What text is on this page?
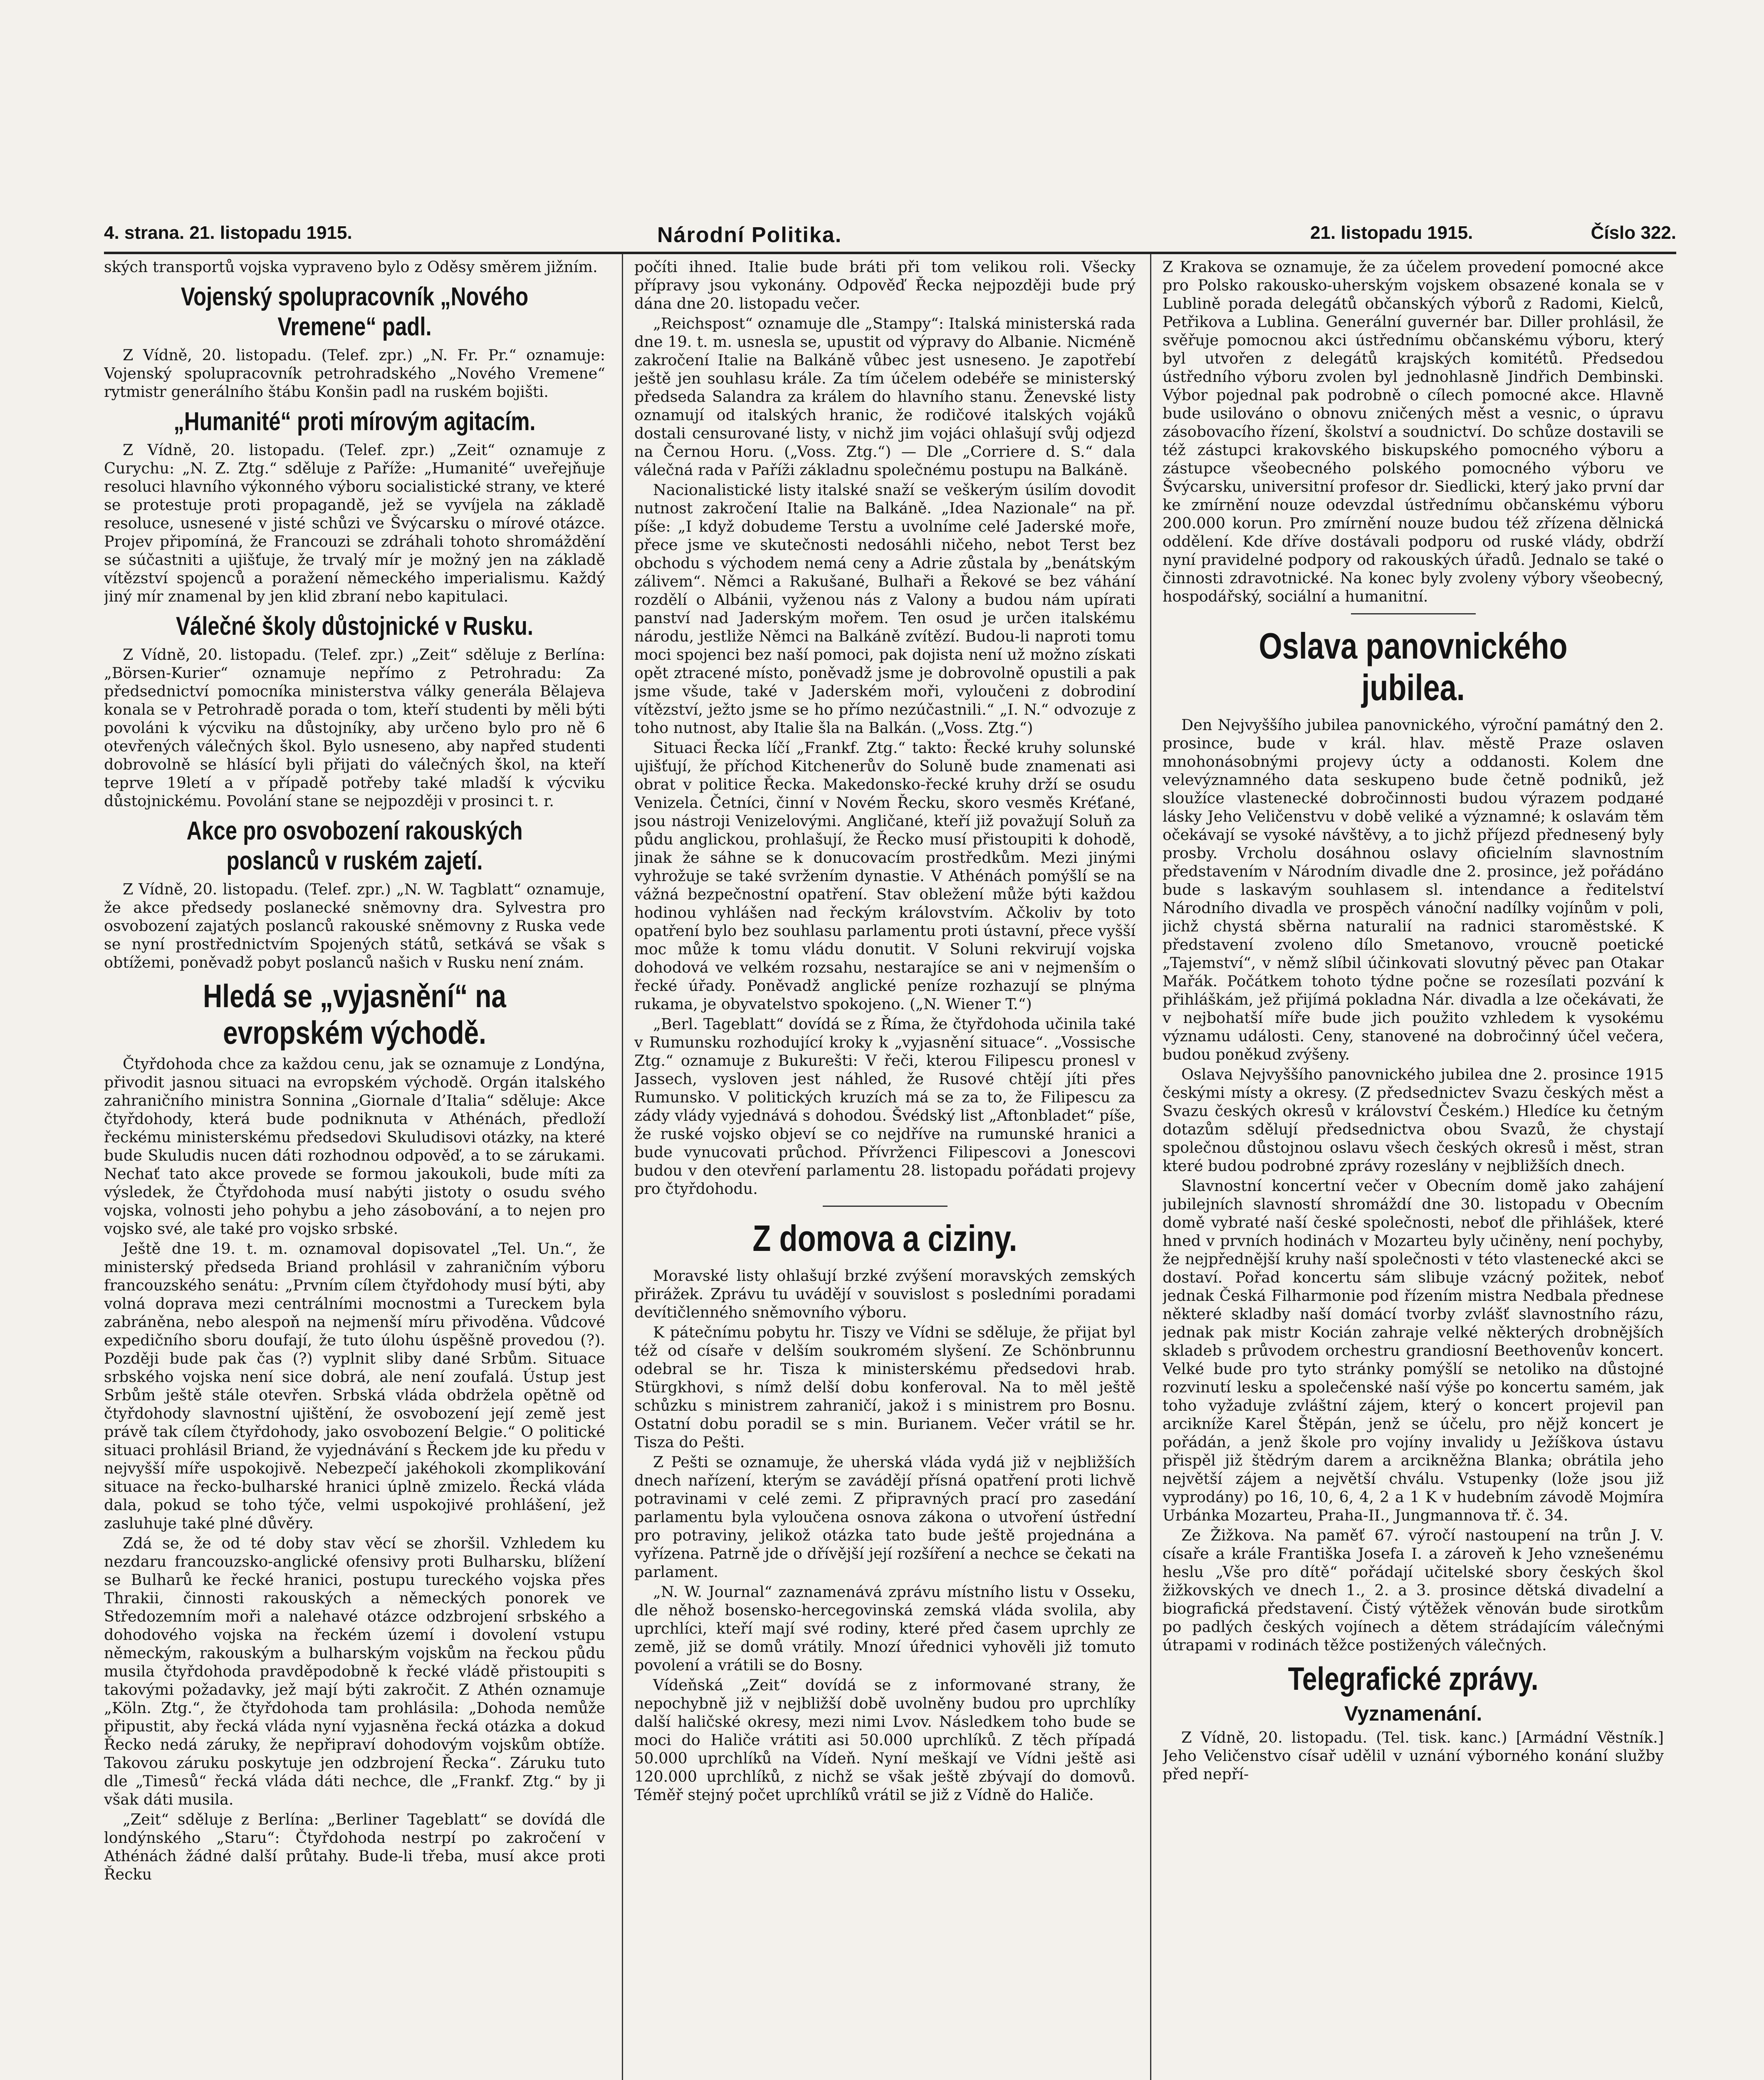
4. strana. 21. listopadu 1915.	Národní Politika.	21. listopadu 1915.	Číslo 322.

ských transportů vojska vypraveno bylo z Oděsy směrem jižním.

Vojenský spolupracovník „Nového Vremene“ padl.

Z Vídně, 20. listopadu. (Telef. zpr.) „N. Fr. Pr.“ oznamuje: Vojenský spolupracovník petrohradského „Nového Vremene“ rytmistr generálního štábu Konšin padl na ruském bojišti.

„Humanité“ proti mírovým agitacím.

Z Vídně, 20. listopadu. (Telef. zpr.) „Zeit“ oznamuje z Curychu: „N. Z. Ztg.“ sděluje z Paříže: „Humanité“ uveřejňuje resoluci hlavního výkonného výboru socialistické strany, ve které se protestuje proti propagandě, jež se vyvíjela na základě resoluce, usnesené v jisté schůzi ve Švýcarsku o mírové otázce. Projev připomíná, že Francouzi se zdráhali tohoto shromáždění se súčastniti a ujišťuje, že trvalý mír je možný jen na základě vítězství spojenců a poražení německého imperialismu. Každý jiný mír znamenal by jen klid zbraní nebo kapitulaci.

Válečné školy důstojnické v Rusku.

Z Vídně, 20. listopadu. (Telef. zpr.) „Zeit“ sděluje z Berlína: „Börsen-Kurier“ oznamuje nepřímo z Petrohradu: Za předsednictví pomocníka ministerstva války generála Bělajeva konala se v Petrohradě porada o tom, kteří studenti by měli býti povoláni k výcviku na důstojníky, aby určeno bylo pro ně 6 otevřených válečných škol. Bylo usneseno, aby napřed studenti dobrovolně se hlásící byli přijati do válečných škol, na kteří teprve 19letí a v případě potřeby také mladší k výcviku důstojnickému. Povolání stane se nejpozději v prosinci t. r.

Akce pro osvobození rakouských poslanců v ruském zajetí.

Z Vídně, 20. listopadu. (Telef. zpr.) „N. W. Tagblatt“ oznamuje, že akce předsedy poslanecké sněmovny dra. Sylvestra pro osvobození zajatých poslanců rakouské sněmovny z Ruska vede se nyní prostřednictvím Spojených států, setkává se však s obtížemi, poněvadž pobyt poslanců našich v Rusku není znám.

Hledá se „vyjasnění“ na evropském východě.

Čtyřdohoda chce za každou cenu, jak se oznamuje z Londýna, přivodit jasnou situaci na evropském východě. Orgán italského zahraničního ministra Sonnina „Giornale d’Italia“ sděluje: Akce čtyřdohody, která bude podniknuta v Athénách, předloží řeckému ministerskému předsedovi Skuludisovi otázky, na které bude Skuludis nucen dáti rozhodnou odpověď, a to se zárukami. Nechať tato akce provede se formou jakoukoli, bude míti za výsledek, že Čtyřdohoda musí nabýti jistoty o osudu svého vojska, volnosti jeho pohybu a jeho zásobování, a to nejen pro vojsko své, ale také pro vojsko srbské.

Ještě dne 19. t. m. oznamoval dopisovatel „Tel. Un.“, že ministerský předseda Briand prohlásil v zahraničním výboru francouzského senátu: „Prvním cílem čtyřdohody musí býti, aby volná doprava mezi centrálními mocnostmi a Tureckem byla zabráněna, nebo alespoň na nejmenší míru přivoděna. Vůdcové expedičního sboru doufají, že tuto úlohu úspěšně provedou (?). Později bude pak čas (?) vyplnit sliby dané Srbům. Situace srbského vojska není sice dobrá, ale není zoufalá. Ústup jest Srbům ještě stále otevřen. Srbská vláda obdržela opětně od čtyřdohody slavnostní ujištění, že osvobození její země jest právě tak cílem čtyřdohody, jako osvobození Belgie.“ O politické situaci prohlásil Briand, že vyjednávání s Řeckem jde ku předu v nejvyšší míře uspokojivě. Nebezpečí jakéhokoli zkomplikování situace na řecko-bulharské hranici úplně zmizelo. Řecká vláda dala, pokud se toho týče, velmi uspokojivé prohlášení, jež zasluhuje také plné důvěry.

Zdá se, že od té doby stav věcí se zhoršil. Vzhledem ku nezdaru francouzsko-anglické ofensivy proti Bulharsku, blížení se Bulharů ke řecké hranici, postupu tureckého vojska přes Thrakii, činnosti rakouských a německých ponorek ve Středozemním moři a nalehavé otázce odzbrojení srbského a dohodového vojska na řeckém území i dovolení vstupu německým, rakouským a bulharským vojskům na řeckou půdu musila čtyřdohoda pravděpodobně k řecké vládě přistoupiti s takovými požadavky, jež mají býti zakročit. Z Athén oznamuje „Köln. Ztg.“, že čtyřdohoda tam prohlásila: „Dohoda nemůže připustit, aby řecká vláda nyní vyjasněna řecká otázka a dokud Řecko nedá záruky, že nepřipraví dohodovým vojskům obtíže. Takovou záruku poskytuje jen odzbrojení Řecka“. Záruku tuto dle „Timesů“ řecká vláda dáti nechce, dle „Frankf. Ztg.“ by ji však dáti musila.

„Zeit“ sděluje z Berlína: „Berliner Tageblatt“ se dovídá dle londýnského „Staru“: Čtyřdohoda nestrpí po zakročení v Athénách žádné další průtahy. Bude-li třeba, musí akce proti Řecku

počíti ihned. Italie bude bráti při tom velikou roli. Všecky přípravy jsou vykonány. Odpověď Řecka nejpozději bude prý dána dne 20. listopadu večer.

„Reichspost“ oznamuje dle „Stampy“: Italská ministerská rada dne 19. t. m. usnesla se, upustit od výpravy do Albanie. Nicméně zakročení Italie na Balkáně vůbec jest usneseno. Je zapotřebí ještě jen souhlasu krále. Za tím účelem odebéře se ministerský předseda Salandra za králem do hlavního stanu. Ženevské listy oznamují od italských hranic, že rodičové italských vojáků dostali censurované listy, v nichž jim vojáci ohlašují svůj odjezd na Černou Horu. („Voss. Ztg.“) — Dle „Corriere d. S.“ dala válečná rada v Paříži základnu společnému postupu na Balkáně.

Nacionalistické listy italské snaží se veškerým úsilím dovodit nutnost zakročení Italie na Balkáně. „Idea Nazionale“ na př. píše: „I když dobudeme Terstu a uvolníme celé Jaderské moře, přece jsme ve skutečnosti nedosáhli ničeho, nebot Terst bez obchodu s východem nemá ceny a Adrie zůstala by „benátským zálivem“. Němci a Rakušané, Bulhaři a Řekové se bez váhání rozdělí o Albánii, vyženou nás z Valony a budou nám upírati panství nad Jaderským mořem. Ten osud je určen italskému národu, jestliže Němci na Balkáně zvítězí. Budou-li naproti tomu moci spojenci bez naší pomoci, pak dojista není už možno získati opět ztracené místo, poněvadž jsme je dobrovolně opustili a pak jsme všude, také v Jaderském moři, vyloučeni z dobrodiní vítězství, ježto jsme se ho přímo nezúčastnili.“ „I. N.“ odvozuje z toho nutnost, aby Italie šla na Balkán. („Voss. Ztg.“)

Situaci Řecka líčí „Frankf. Ztg.“ takto: Řecké kruhy solunské ujišťují, že příchod Kitchenerův do Soluně bude znamenati asi obrat v politice Řecka. Makedonsko-řecké kruhy drží se osudu Venizela. Četníci, činní v Novém Řecku, skoro vesměs Kréťané, jsou nástroji Venizelovými. Angličané, kteří již považují Soluň za půdu anglickou, prohlašují, že Řecko musí přistoupiti k dohodě, jinak že sáhne se k donucovacím prostředkům. Mezi jinými vyhrožuje se také svržením dynastie. V Athénách pomýšlí se na vážná bezpečnostní opatření. Stav obležení může býti každou hodinou vyhlášen nad řeckým královstvím. Ačkoliv by toto opatření bylo bez souhlasu parlamentu proti ústavní, přece vyšší moc může k tomu vládu donutit. V Soluni rekvirují vojska dohodová ve velkém rozsahu, nestarajíce se ani v nejmenším o řecké úřady. Poněvadž anglické peníze rozhazují se plnýma rukama, je obyvatelstvo spokojeno. („N. Wiener T.“)

„Berl. Tageblatt“ dovídá se z Říma, že čtyřdohoda učinila také v Rumunsku rozhodující kroky k „vyjasnění situace“. „Vossische Ztg.“ oznamuje z Bukurešti: V řeči, kterou Filipescu pronesl v Jassech, vysloven jest náhled, že Rusové chtějí jíti přes Rumunsko. V politických kruzích má se za to, že Filipescu za zády vlády vyjednává s dohodou. Švédský list „Aftonbladet“ píše, že ruské vojsko objeví se co nejdříve na rumunské hranici a bude vynucovati průchod. Přívrženci Filipescovi a Jonescovi budou v den otevření parlamentu 28. listopadu pořádati projevy pro čtyřdohodu.

Z domova a ciziny.

Moravské listy ohlašují brzké zvýšení moravských zemských přirážek. Zprávu tu uvádějí v souvislost s posledními poradami devítičlenného sněmovního výboru.

K pátečnímu pobytu hr. Tiszy ve Vídni se sděluje, že přijat byl též od císaře v delším soukromém slyšení. Ze Schönbrunnu odebral se hr. Tisza k ministerskému předsedovi hrab. Stürgkhovi, s nímž delší dobu konferoval. Na to měl ještě schůzku s ministrem zahraničí, jakož i s ministrem pro Bosnu. Ostatní dobu poradil se s min. Burianem. Večer vrátil se hr. Tisza do Pešti.

Z Pešti se oznamuje, že uherská vláda vydá již v nejbližších dnech nařízení, kterým se zavádějí přísná opatření proti lichvě potravinami v celé zemi. Z připravných prací pro zasedání parlamentu byla vyloučena osnova zákona o utvoření ústřední pro potraviny, jelikož otázka tato bude ještě projednána a vyřízena. Patrně jde o dřívější její rozšíření a nechce se čekati na parlament.

„N. W. Journal“ zaznamenává zprávu místního listu v Osseku, dle něhož bosensko-hercegovinská zemská vláda svolila, aby uprchlíci, kteří mají své rodiny, které před časem uprchly ze země, již se domů vrátily. Mnozí úřednici vyhověli již tomuto povolení a vrátili se do Bosny.

Vídeňská „Zeit“ dovídá se z informované strany, že nepochybně již v nejbližší době uvolněny budou pro uprchlíky další haličské okresy, mezi nimi Lvov. Následkem toho bude se moci do Haliče vrátiti asi 50.000 uprchlíků. Z těch případá 50.000 uprchlíků na Vídeň. Nyní meškají ve Vídni ještě asi 120.000 uprchlíků, z nichž se však ještě zbývají do domovů. Téměř stejný počet uprchlíků vrátil se již z Vídně do Haliče.

Z Krakova se oznamuje, že za účelem provedení pomocné akce pro Polsko rakousko-uherským vojskem obsazené konala se v Lublině porada delegátů občanských výborů z Radomi, Kielců, Petřikova a Lublina. Generální guvernér bar. Diller prohlásil, že svěřuje pomocnou akci ústřednímu občanskému výboru, který byl utvořen z delegátů krajských komitétů. Předsedou ústředního výboru zvolen byl jednohlasně Jindřich Dembinski. Výbor pojednal pak podrobně o cílech pomocné akce. Hlavně bude usilováno o obnovu zničených měst a vesnic, o úpravu zásobovacího řízení, školství a soudnictví. Do schůze dostavili se též zástupci krakovského biskupského pomocného výboru a zástupce všeobecného polského pomocného výboru ve Švýcarsku, universitní profesor dr. Siedlicki, který jako první dar ke zmírnění nouze odevzdal ústřednímu občanskému výboru 200.000 korun. Pro zmírnění nouze budou též zřízena dělnická oddělení. Kde dříve dostávali podporu od ruské vlády, obdrží nyní pravidelné podpory od rakouských úřadů. Jednalo se také o činnosti zdravotnické. Na konec byly zvoleny výbory všeobecný, hospodářský, sociální a humanitní.

Oslava panovnického jubilea.

Den Nejvyššího jubilea panovnického, výroční památný den 2. prosince, bude v král. hlav. městě Praze oslaven mnohonásobnými projevy úcty a oddanosti. Kolem dne velevýznamného data seskupeno bude četně podniků, jež sloužíce vlastenecké dobročinnosti budou výrazem podданé lásky Jeho Veličenstvu v době veliké a významné; k oslavám těm očekávají se vysoké návštěvy, a to jichž příjezd přednesený byly prosby. Vrcholu dosáhnou oslavy oficielním slavnostním představením v Národním divadle dne 2. prosince, jež pořádáno bude s laskavým souhlasem sl. intendance a ředitelství Národního divadla ve prospěch vánoční nadílky vojínům v poli, jichž chystá sběrna naturalií na radnici staroměstské. K představení zvoleno dílo Smetanovo, vroucně poetické „Tajemství“, v němž slíbil účinkovati slovutný pěvec pan Otakar Mařák. Počátkem tohoto týdne počne se rozesílati pozvání k přihláškám, jež přijímá pokladna Nár. divadla a lze očekávati, že v nejbohatší míře bude jich použito vzhledem k vysokému významu události. Ceny, stanovené na dobročinný účel večera, budou poněkud zvýšeny.

Oslava Nejvyššího panovnického jubilea dne 2. prosince 1915 českými místy a okresy. (Z předsednictev Svazu českých měst a Svazu českých okresů v království Českém.) Hledíce ku četným dotazům sdělují předsednictva obou Svazů, že chystají společnou důstojnou oslavu všech českých okresů i měst, stran které budou podrobné zprávy rozeslány v nejbližších dnech.

Slavnostní koncertní večer v Obecním domě jako zahájení jubilejních slavností shromáždí dne 30. listopadu v Obecním domě vybraté naší české společnosti, neboť dle přihlášek, které hned v prvních hodinách v Mozarteu byly učiněny, není pochyby, že nejpřednější kruhy naší společnosti v této vlastenecké akci se dostaví. Pořad koncertu sám slibuje vzácný požitek, neboť jednak Česká Filharmonie pod řízením mistra Nedbala přednese některé skladby naší domácí tvorby zvlášť slavnostního rázu, jednak pak mistr Kocián zahraje velké některých drobnějších skladeb s průvodem orchestru grandiosní Beethovenův koncert. Velké bude pro tyto stránky pomýšlí se netoliko na důstojné rozvinutí lesku a společenské naší výše po koncertu samém, jak toho vyžaduje zvláštní zájem, který o koncert projevil pan arcikníže Karel Štěpán, jenž se účelu, pro nějž koncert je pořádán, a jenž škole pro vojíny invalidy u Ježíškova ústavu přispěl již štědrým darem a arcikněžna Blanka; obrátila jeho největší zájem a největší chválu. Vstupenky (lože jsou již vyprodány) po 16, 10, 6, 4, 2 a 1 K v hudebním závodě Mojmíra Urbánka Mozarteu, Praha-II., Jungmannova tř. č. 34.

Ze Žižkova. Na paměť 67. výročí nastoupení na trůn J. V. císaře a krále Františka Josefa I. a zároveň k Jeho vznešenému heslu „Vše pro dítě“ pořádají učitelské sbory českých škol žižkovských ve dnech 1., 2. a 3. prosince dětská divadelní a biografická představení. Čistý výtěžek věnován bude sirotkům po padlých českých vojínech a dětem strádajícím válečnými útrapami v rodinách těžce postižených válečných.

Telegrafické zprávy.
Vyznamenání.

Z Vídně, 20. listopadu. (Tel. tisk. kanc.) [Armádní Věstník.] Jeho Veličenstvo císař udělil v uznání výborného konání služby před nepří-
